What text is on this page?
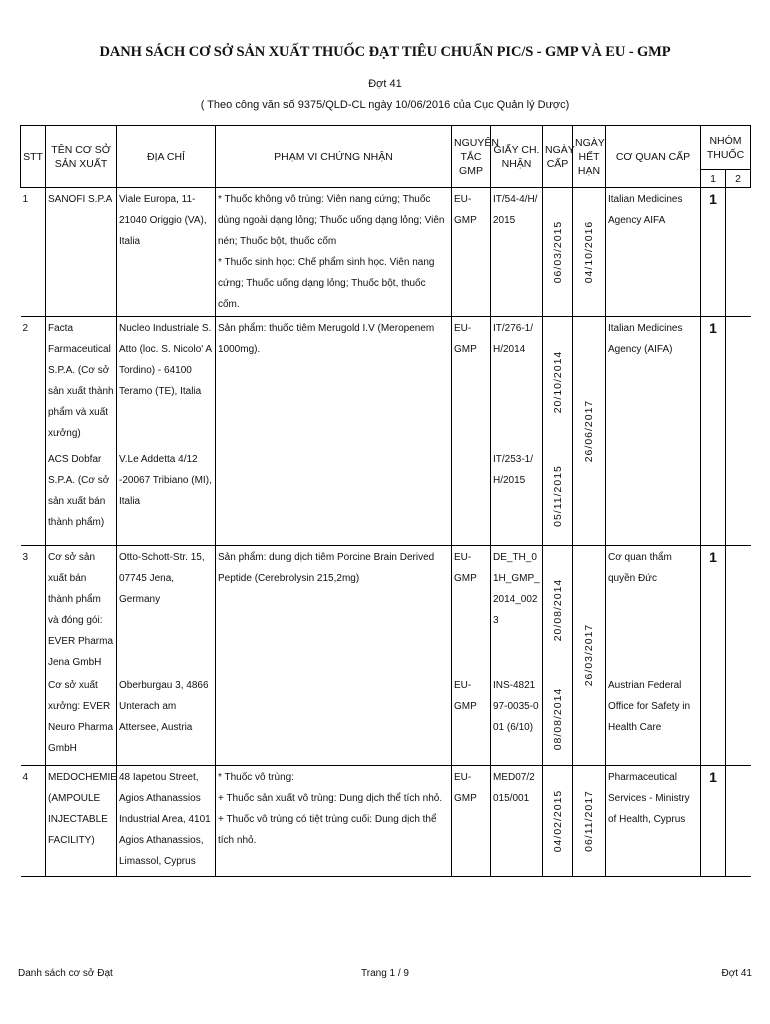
DANH SÁCH CƠ SỞ SẢN XUẤT THUỐC ĐẠT TIÊU CHUẨN PIC/S - GMP VÀ EU - GMP
Đợt 41
( Theo công văn số 9375/QLD-CL ngày 10/06/2016 của Cục Quản lý Dược)
STT	TÊN CƠ SỞ SẢN XUẤT	ĐỊA CHỈ	PHẠM VI CHỨNG NHẬN	NGUYÊN TẮC GMP	GIẤY CH. NHẬN	NGÀY CẤP	NGÀY HẾT HẠN	CƠ QUAN CẤP	NHÓM THUỐC	
									1	2
1	SANOFI S.P.A	Viale Europa, 11-21040 Origgio (VA), Italia	* Thuốc không vô trùng: Viên nang cứng; Thuốc dùng ngoài dạng lỏng; Thuốc uống dạng lỏng; Viên nén; Thuốc bột, thuốc cốm
* Thuốc sinh học: Chế phẩm sinh học. Viên nang cứng; Thuốc uống dạng lỏng; Thuốc bột, thuốc cốm.	EU-GMP	IT/54-4/H/2015	06/03/2015	04/10/2016	Italian Medicines Agency AIFA	1	
2	Facta Farmaceutical S.P.A. (Cơ sở sản xuất thành phẩm và xuất xưởng)	Nucleo Industriale S. Atto (loc. S. Nicolo' A Tordino) - 64100 Teramo (TE), Italia	Sản phẩm: thuốc tiêm Merugold I.V (Meropenem 1000mg).	EU-GMP	IT/276-1/H/2014	20/10/2014	26/06/2017	Italian Medicines Agency (AIFA)	1	
	ACS Dobfar S.P.A. (Cơ sở sản xuất bán thành phẩm)	V.Le Addetta 4/12 -20067 Tribiano (MI), Italia			IT/253-1/H/2015	05/11/2015				

3	Cơ sở sản xuất bán thành phẩm và đóng gói: EVER Pharma Jena GmbH	Otto-Schott-Str. 15, 07745 Jena, Germany	Sản phẩm: dung dịch tiêm Porcine Brain Derived Peptide (Cerebrolysin 215,2mg)	EU-GMP	DE_TH_01H_GMP_2014_0023	20/08/2014	26/03/2017	Cơ quan thẩm quyền Đức	1	
	Cơ sở xuất xưởng: EVER Neuro Pharma GmbH	Oberburgau 3, 4866 Unterach am Attersee, Austria		EU-GMP	INS-482197-0035-001 (6/10)	08/08/2014		Austrian Federal Office for Safety in Health Care		
4	MEDOCHEMIE (AMPOULE INJECTABLE FACILITY)	48 Iapetou Street, Agios Athanassios Industrial Area, 4101 Agios Athanassios, Limassol, Cyprus	* Thuốc vô trùng:
+ Thuốc sản xuất vô trùng: Dung dịch thể tích nhỏ.
+ Thuốc vô trùng có tiệt trùng cuối: Dung dịch thể tích nhỏ.	EU-GMP	MED07/2015/001	04/02/2015	06/11/2017	Pharmaceutical Services - Ministry of Health, Cyprus	1	
Danh sách cơ sở Đạt	Trang 1 / 9	Đợt 41
